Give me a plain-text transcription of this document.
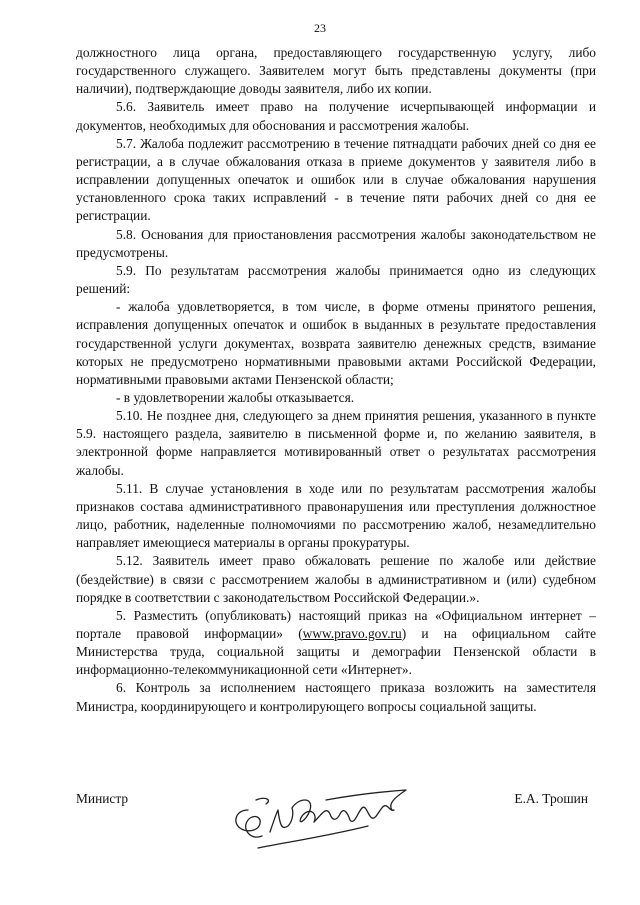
23

должностного лица органа, предоставляющего государственную услугу, либо государственного служащего. Заявителем могут быть представлены документы (при наличии), подтверждающие доводы заявителя, либо их копии.

5.6. Заявитель имеет право на получение исчерпывающей информации и документов, необходимых для обоснования и рассмотрения жалобы.

5.7. Жалоба подлежит рассмотрению в течение пятнадцати рабочих дней со дня ее регистрации, а в случае обжалования отказа в приеме документов у заявителя либо в исправлении допущенных опечаток и ошибок или в случае обжалования нарушения установленного срока таких исправлений - в течение пяти рабочих дней со дня ее регистрации.

5.8. Основания для приостановления рассмотрения жалобы законодательством не предусмотрены.

5.9. По результатам рассмотрения жалобы принимается одно из следующих решений:

- жалоба удовлетворяется, в том числе, в форме отмены принятого решения, исправления допущенных опечаток и ошибок в выданных в результате предоставления государственной услуги документах, возврата заявителю денежных средств, взимание которых не предусмотрено нормативными правовыми актами Российской Федерации, нормативными правовыми актами Пензенской области;

- в удовлетворении жалобы отказывается.

5.10. Не позднее дня, следующего за днем принятия решения, указанного в пункте 5.9. настоящего раздела, заявителю в письменной форме и, по желанию заявителя, в электронной форме направляется мотивированный ответ о результатах рассмотрения жалобы.

5.11. В случае установления в ходе или по результатам рассмотрения жалобы признаков состава административного правонарушения или преступления должностное лицо, работник, наделенные полномочиями по рассмотрению жалоб, незамедлительно направляет имеющиеся материалы в органы прокуратуры.

5.12. Заявитель имеет право обжаловать решение по жалобе или действие (бездействие) в связи с рассмотрением жалобы в административном и (или) судебном порядке в соответствии с законодательством Российской Федерации.».

5. Разместить (опубликовать) настоящий приказ на «Официальном интернет – портале правовой информации» (www.pravo.gov.ru) и на официальном сайте Министерства труда, социальной защиты и демографии Пензенской области в информационно-телекоммуникационной сети «Интернет».

6. Контроль за исполнением настоящего приказа возложить на заместителя Министра, координирующего и контролирующего вопросы социальной защиты.

Министр	Е.А. Трошин
